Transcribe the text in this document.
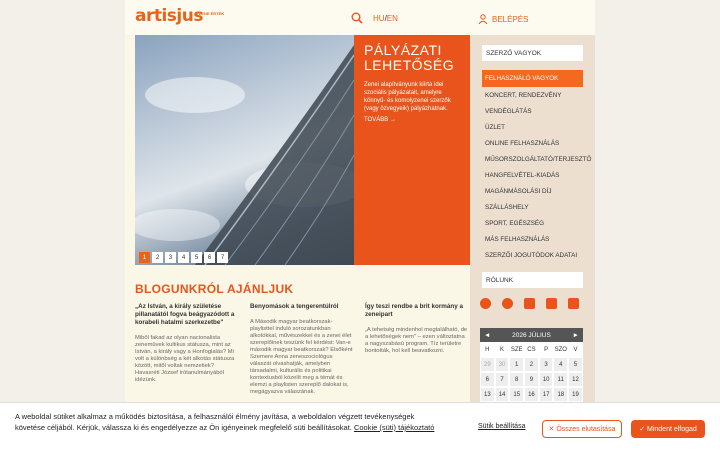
artisjus
A ZENE ÉRTÉK
HU/EN	BELÉPÉS
1	2	3	4	5	6	7
PÁLYÁZATI LEHETŐSÉG
Zenei alapítványunk kiírta idei szociális pályázatait, amelyre könnyű- és komolyzenei szerzők (vagy özvegyeik) pályázhatnak.
TOVÁBB →
SZERZŐ VAGYOK
FELHASZNÁLÓ VAGYOK
KONCERT, RENDEZVÉNY
VENDÉGLÁTÁS
ÜZLET
ONLINE FELHASZNÁLÁS
MŰSORSZOLGÁLTATÓ/TERJESZTŐ
HANGFELVÉTEL-KIADÁS
MAGÁNMÁSOLÁSI DÍJ
SZÁLLÁSHELY
SPORT, EGÉSZSÉG
MÁS FELHASZNÁLÁS
SZERZŐI JOGUTÓDOK ADATAI
RÓLUNK
◄	2026 JÚLIUS	►
H	K	SZE CS	P	SZO	V
29	30	1	2	3	4	5
6	7	8	9	10	11	12
13	14	15	16	17	18	19
BLOGUNKRÓL AJÁNLJUK
„Az István, a király születése pillanatától fogva beágyazódott a korabeli hatalmi szerkezetbe"

Mibõl fakad az olyan nacionalista zenemûvek kultikus státusza, mint az István, a király vagy a Honfoglalás? Mi volt a különbség a két alkotás státusza között, mitõl voltak nemzetiek? Havasréti József írótanulmányából idézünk.

Benyomások a tengerentúlról

A Második magyar beatkorszak-playlisttel induló sorozatunkban alkotókkal, művészekkel és a zenei élet szereplőinek teszünk fel kérdést: Van-e második magyar beatkorszak? Elsőként Szemere Anna zeneszociológus válaszát olvashatják, amelyben társadalmi, kulturális és politikai kontextusból közelít meg a témát és elemzi a playlisten szereplő dalokat is, megágyazva válaszának.

Így teszi rendbe a brit kormány a zeneipart

„A tehetség mindenhol megtalálható, de a lehetőségek nem" – ezen változtatna a nagyszabású program. Tíz területre bontották, hol kell beavatkozni.

A weboldal sütiket alkalmaz a működés biztosítása, a felhasználói élmény javítása, a weboldalon végzett tevékenységek követése céljából. Kérjük, válassza ki és engedélyezze az Ön igényeinek megfelelő süti beállításokat. Cookie (süti) tájékoztató	Sütik beállítása	✕ Összes elutasítása	✓ Mindent elfogad
